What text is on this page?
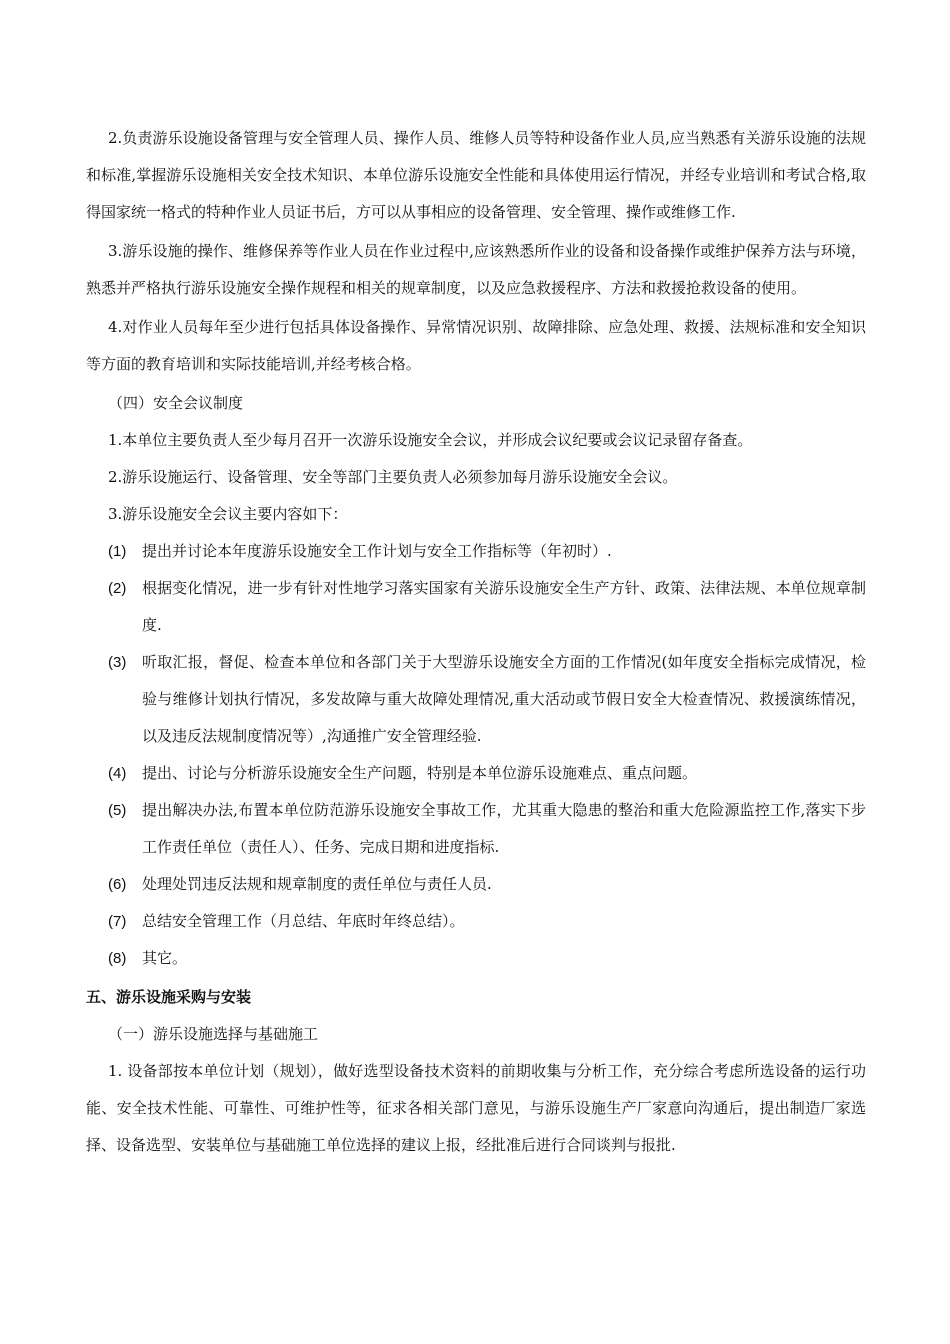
2.负责游乐设施设备管理与安全管理人员、操作人员、维修人员等特种设备作业人员,应当熟悉有关游乐设施的法规和标准,掌握游乐设施相关安全技术知识、本单位游乐设施安全性能和具体使用运行情况，并经专业培训和考试合格,取得国家统一格式的特种作业人员证书后，方可以从事相应的设备管理、安全管理、操作或维修工作.

3.游乐设施的操作、维修保养等作业人员在作业过程中,应该熟悉所作业的设备和设备操作或维护保养方法与环境，熟悉并严格执行游乐设施安全操作规程和相关的规章制度，以及应急救援程序、方法和救援抢救设备的使用。

4.对作业人员每年至少进行包括具体设备操作、异常情况识别、故障排除、应急处理、救援、法规标准和安全知识等方面的教育培训和实际技能培训,并经考核合格。

（四）安全会议制度

1.本单位主要负责人至少每月召开一次游乐设施安全会议，并形成会议纪要或会议记录留存备查。

2.游乐设施运行、设备管理、安全等部门主要负责人必须参加每月游乐设施安全会议。

3.游乐设施安全会议主要内容如下：

(1)	提出并讨论本年度游乐设施安全工作计划与安全工作指标等（年初时）.
(2)	根据变化情况，进一步有针对性地学习落实国家有关游乐设施安全生产方针、政策、法律法规、本单位规章制度.
(3)	听取汇报，督促、检查本单位和各部门关于大型游乐设施安全方面的工作情况(如年度安全指标完成情况，检验与维修计划执行情况，多发故障与重大故障处理情况,重大活动或节假日安全大检查情况、救援演练情况，以及违反法规制度情况等）,沟通推广安全管理经验.
(4)	提出、讨论与分析游乐设施安全生产问题，特别是本单位游乐设施难点、重点问题。
(5)	提出解决办法,布置本单位防范游乐设施安全事故工作，尤其重大隐患的整治和重大危险源监控工作,落实下步工作责任单位（责任人）、任务、完成日期和进度指标.
(6)	处理处罚违反法规和规章制度的责任单位与责任人员.
(7)	总结安全管理工作（月总结、年底时年终总结）。
(8)	其它。

五、游乐设施采购与安装

（一）游乐设施选择与基础施工

1. 设备部按本单位计划（规划），做好选型设备技术资料的前期收集与分析工作，充分综合考虑所选设备的运行功能、安全技术性能、可靠性、可维护性等，征求各相关部门意见，与游乐设施生产厂家意向沟通后，提出制造厂家选择、设备选型、安装单位与基础施工单位选择的建议上报，经批准后进行合同谈判与报批.
